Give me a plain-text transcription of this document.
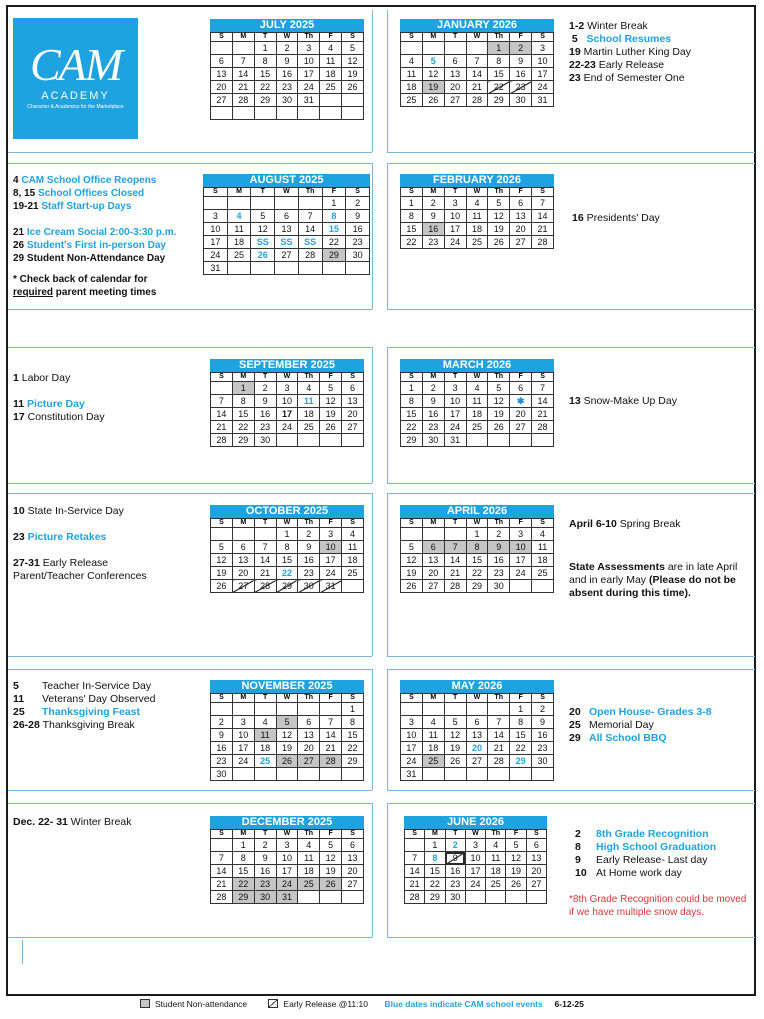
CAM
ACADEMY
Character & Academics for the Marketplace
JULY 2025
S	M	T	W	Th	F	S
		1	2	3	4	5
6	7	8	9	10	11	12
13	14	15	16	17	18	19
20	21	22	23	24	25	26
27	28	29	30	31		

JANUARY 2026
S	M	T	W	Th	F	S
				1	2	3
4	5	6	7	8	9	10
11	12	13	14	15	16	17
18	19	20	21	22	23	24
25	26	27	28	29	30	31
AUGUST 2025
S	M	T	W	Th	F	S
					1	2
3	4	5	6	7	8	9
10	11	12	13	14	15	16
17	18	SS	SS	SS	22	23
24	25	26	27	28	29	30
31						
FEBRUARY 2026
S	M	T	W	Th	F	S
1	2	3	4	5	6	7
8	9	10	11	12	13	14
15	16	17	18	19	20	21
22	23	24	25	26	27	28
SEPTEMBER 2025
S	M	T	W	Th	F	S
	1	2	3	4	5	6
7	8	9	10	11	12	13
14	15	16	17	18	19	20
21	22	23	24	25	26	27
28	29	30				
MARCH 2026
S	M	T	W	Th	F	S
1	2	3	4	5	6	7
8	9	10	11	12	✱	14
15	16	17	18	19	20	21
22	23	24	25	26	27	28
29	30	31				
OCTOBER 2025
S	M	T	W	Th	F	S
			1	2	3	4
5	6	7	8	9	10	11
12	13	14	15	16	17	18
19	20	21	22	23	24	25
26	27	28	29	30	31	
APRIL 2026
S	M	T	W	Th	F	S
			1	2	3	4
5	6	7	8	9	10	11
12	13	14	15	16	17	18
19	20	21	22	23	24	25
26	27	28	29	30		
NOVEMBER 2025
S	M	T	W	Th	F	S
						1
2	3	4	5	6	7	8
9	10	11	12	13	14	15
16	17	18	19	20	21	22
23	24	25	26	27	28	29
30						
MAY 2026
S	M	T	W	Th	F	S
					1	2
3	4	5	6	7	8	9
10	11	12	13	14	15	16
17	18	19	20	21	22	23
24	25	26	27	28	29	30
31						
DECEMBER 2025
S	M	T	W	Th	F	S
	1	2	3	4	5	6
7	8	9	10	11	12	13
14	15	16	17	18	19	20
21	22	23	24	25	26	27
28	29	30	31			
JUNE 2026
S	M	T	W	Th	F	S
	1	2	3	4	5	6
7	8	9	10	11	12	13
14	15	16	17	18	19	20
21	22	23	24	25	26	27
28	29	30				
1-2 Winter Break
5 School Resumes
19 Martin Luther King Day
22-23 Early Release
23 End of Semester One
4 CAM School Office Reopens
8, 15 School Offices Closed
19-21 Staff Start-up Days
21 Ice Cream Social 2:00-3:30 p.m.
26 Student's First in-person Day
29 Student Non-Attendance Day
* Check back of calendar for
required parent meeting times
16 Presidents' Day
1 Labor Day
11 Picture Day
17 Constitution Day
13 Snow-Make Up Day
10 State In-Service Day
23 Picture Retakes
27-31 Early Release
Parent/Teacher Conferences
April 6-10 Spring Break
State Assessments are in late April and in early May (Please do not be absent during this time).
5 Teacher In-Service Day
11 Veterans' Day Observed
25 Thanksgiving Feast
26-28 Thanksgiving Break
20 Open House- Grades 3-8
25 Memorial Day
29 All School BBQ
Dec. 22- 31 Winter Break
2 8th Grade Recognition
8 High School Graduation
9 Early Release- Last day
10 At Home work day
*8th Grade Recognition could be moved if we have multiple snow days.
Student Non-attendance	Early Release @11:10 Blue dates indicate CAM school events 6-12-25
